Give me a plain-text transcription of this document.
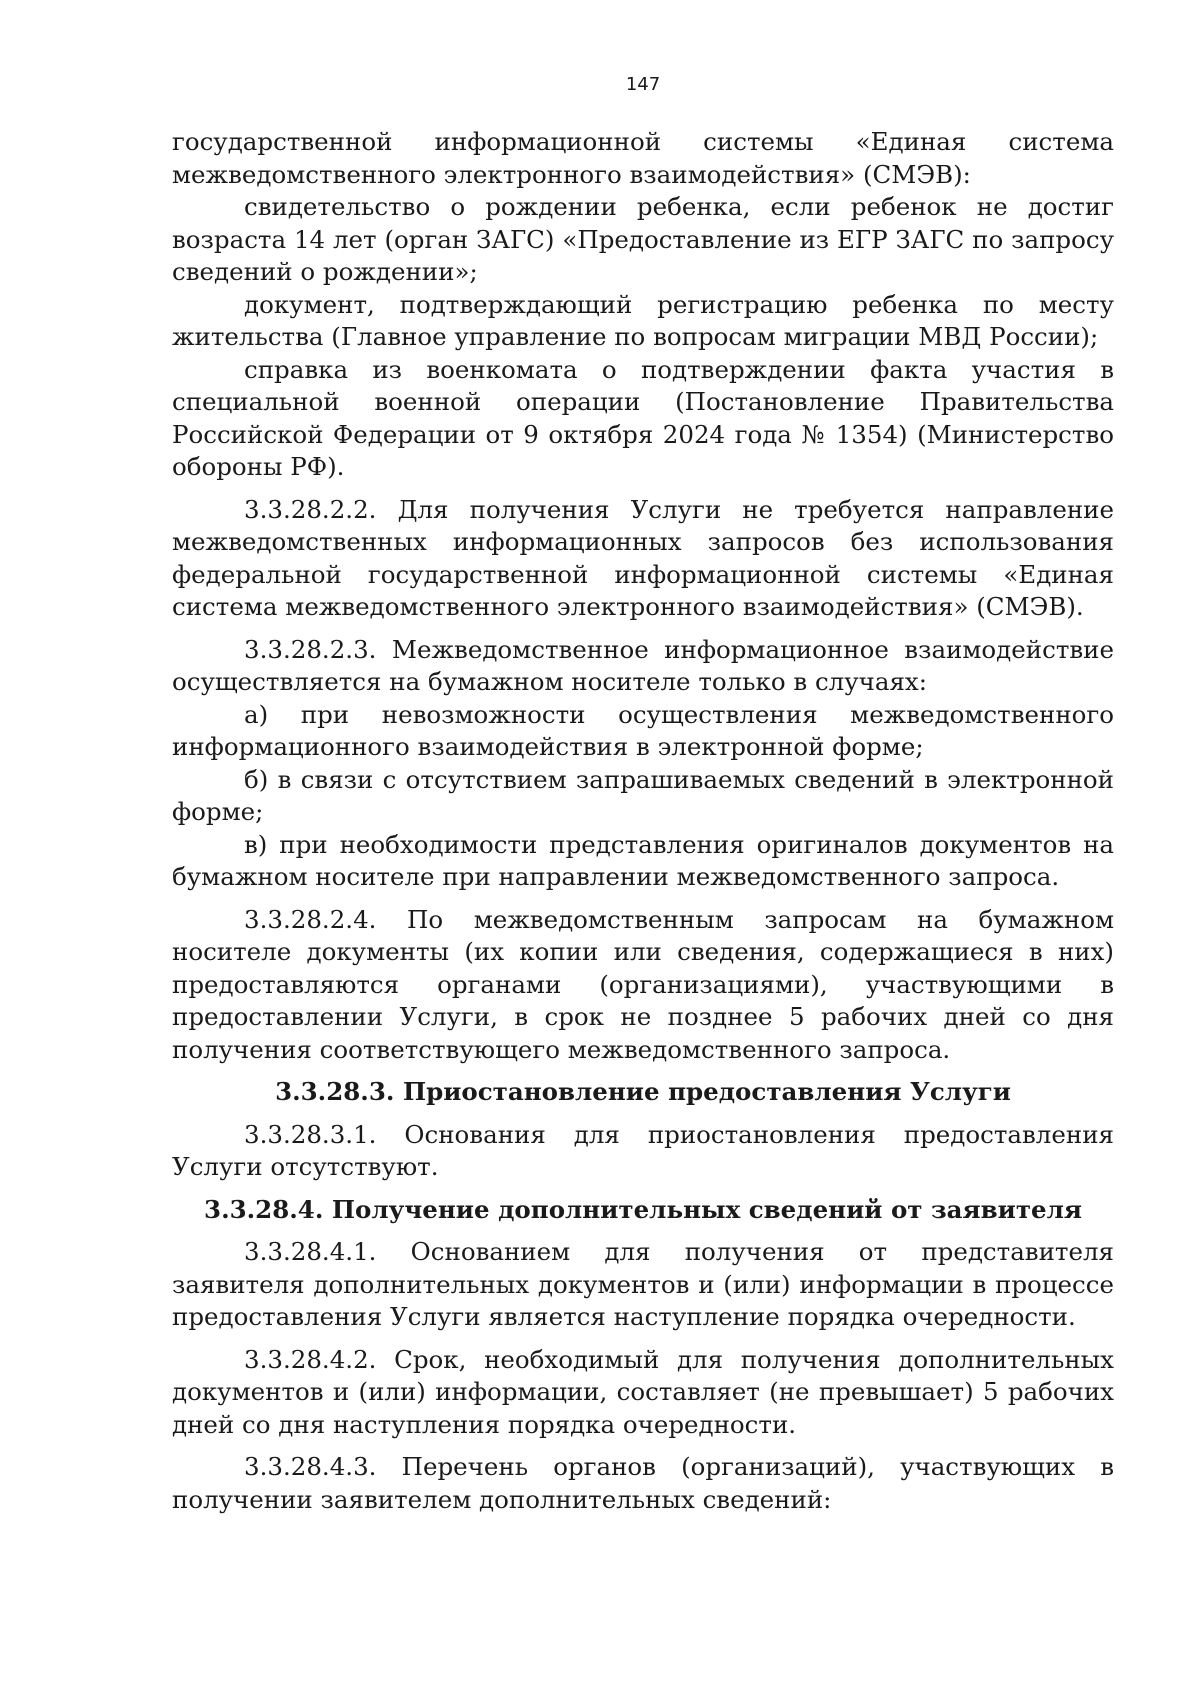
147

государственной информационной системы «Единая система межведомственного электронного взаимодействия» (СМЭВ):

свидетельство о рождении ребенка, если ребенок не достиг возраста 14 лет (орган ЗАГС) «Предоставление из ЕГР ЗАГС по запросу сведений о рождении»;

документ, подтверждающий регистрацию ребенка по месту жительства (Главное управление по вопросам миграции МВД России);

справка из военкомата о подтверждении факта участия в специальной военной операции (Постановление Правительства Российской Федерации от 9 октября 2024 года № 1354) (Министерство обороны РФ).

3.3.28.2.2. Для получения Услуги не требуется направление межведомственных информационных запросов без использования федеральной государственной информационной системы «Единая система межведомственного электронного взаимодействия» (СМЭВ).

3.3.28.2.3. Межведомственное информационное взаимодействие осуществляется на бумажном носителе только в случаях:

а) при невозможности осуществления межведомственного информационного взаимодействия в электронной форме;

б) в связи с отсутствием запрашиваемых сведений в электронной форме;

в) при необходимости представления оригиналов документов на бумажном носителе при направлении межведомственного запроса.

3.3.28.2.4. По межведомственным запросам на бумажном носителе документы (их копии или сведения, содержащиеся в них) предоставляются органами (организациями), участвующими в предоставлении Услуги, в срок не позднее 5 рабочих дней со дня получения соответствующего межведомственного запроса.

3.3.28.3. Приостановление предоставления Услуги

3.3.28.3.1. Основания для приостановления предоставления Услуги отсутствуют.

3.3.28.4. Получение дополнительных сведений от заявителя

3.3.28.4.1. Основанием для получения от представителя заявителя дополнительных документов и (или) информации в процессе предоставления Услуги является наступление порядка очередности.

3.3.28.4.2. Срок, необходимый для получения дополнительных документов и (или) информации, составляет (не превышает) 5 рабочих дней со дня наступления порядка очередности.

3.3.28.4.3. Перечень органов (организаций), участвующих в получении заявителем дополнительных сведений:
